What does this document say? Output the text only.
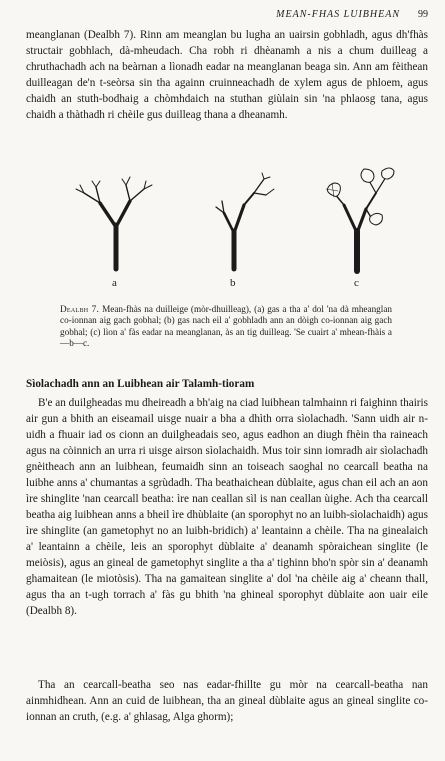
MEAN-FHAS LUIBHEAN 99

meanglanan (Dealbh 7). Rinn am meanglan bu lugha an uairsin gobhladh, agus dh'fhàs structair gobhlach, dà-mheudach. Cha robh ri dhèanamh a nis a chum duilleag a chruthachadh ach na beàrnan a lìonadh eadar na meanglanan beaga sin. Ann am fèithean duilleagan de'n t-seòrsa sin tha againn cruinneachadh de xylem agus de phloem, agus chaidh an stuth-bodhaig a chòmhdaich na stuthan giùlain sin 'na phlaosg tana, agus chaidh a thàthadh ri chèile gus duilleag thana a dheanamh.

a	b	c
Dealbh 7. Mean-fhàs na duilleige (mòr-dhuilleag), (a) gas a tha a' dol 'na dà mheanglan co-ionnan aig gach gobhal; (b) gas nach eil a' gobhladh ann an dòigh co-ionnan aig gach gobhal; (c) lìon a' fàs eadar na meanglanan, às an tig duilleag. 'Se cuairt a' mhean-fhàis a—b—c.
Sìolachadh ann an Luibhean air Talamh-tioram

B'e an duilgheadas mu dheireadh a bh'aig na ciad luibhean talmhainn ri faighinn thairis air gun a bhith an eiseamail uisge nuair a bha a dhìth orra sìolachadh. 'Sann uidh air n-uidh a fhuair iad os cionn an duilgheadais seo, agus eadhon an diugh fhèin tha raineach agus na còinnich an urra ri uisge airson sìolachaidh. Mus toir sinn iomradh air sìolachadh gnèitheach ann an luibhean, feumaidh sinn an toiseach saoghal no cearcall beatha na luibhe anns a' chumantas a sgrùdadh. Tha beathaichean dùblaite, agus chan eil ach an aon ìre shinglite 'nan cearcall beatha: ìre nan ceallan sìl is nan ceallan ùighe. Ach tha cearcall beatha aig luibhean anns a bheil ìre dhùblaite (an sporophyt no an luibh-sìolachaidh) agus ìre shinglite (an gametophyt no an luibh-bridich) a' leantainn a chèile. Tha na ginealaich a' leantainn a chèile, leis an sporophyt dùblaite a' deanamh spòraichean singlite (le meiòsis), agus an gineal de gametophyt singlite a tha a' tighinn bho'n spòr sin a' deanamh ghamaitean (le miotòsis). Tha na gamaitean singlite a' dol 'na chèile aig a' cheann thall, agus tha an t-ugh torrach a' fàs gu bhith 'na ghineal sporophyt dùblaite aon uair eile (Dealbh 8).

Tha an cearcall-beatha seo nas eadar-fhillte gu mòr na cearcall-beatha nan ainmhidhean. Ann an cuid de luibhean, tha an gineal dùblaite agus an gineal singlite co-ionnan an cruth, (e.g. a' ghlasag, Alga ghorm);
